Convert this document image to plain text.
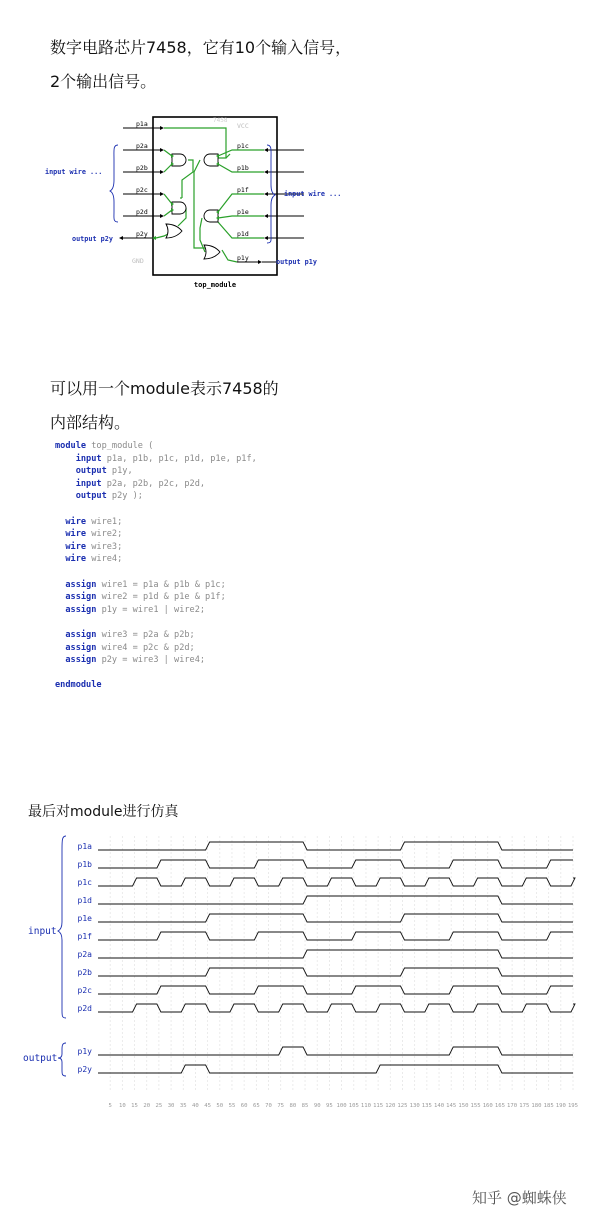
数字电路芯片7458，它有10个输入信号，
2个输出信号。
7458
VCC
GND
top_module
p1a
p2a
p2b
p2c
p2d
p2y
p1c
p1b
p1f
p1e
p1d
p1y
input wire ...
input wire ...
output p2y
output p1y
可以用一个module表示7458的
内部结构。
module top_module (
input p1a, p1b, p1c, p1d, p1e, p1f,
output p1y,
input p2a, p2b, p2c, p2d,
output p2y );

wire wire1;
wire wire2;
wire wire3;
wire wire4;

assign wire1 = p1a & p1b & p1c;
assign wire2 = p1d & p1e & p1f;
assign p1y = wire1 | wire2;

assign wire3 = p2a & p2b;
assign wire4 = p2c & p2d;
assign p2y = wire3 | wire4;

endmodule

最后对module进行仿真
5 10 15 20 25 30 35 40 45 50 55 60 65 70 75 80 85 90 95 100 105 110 115 120 125 130 135 140 145 150 155 160 165 170 175 180 185 190 195
p1a
p1b
p1c
p1d
p1e
p1f
p2a
p2b
p2c
p2d
p1y
p2y
input
output
知乎 @蜘蛛侠
